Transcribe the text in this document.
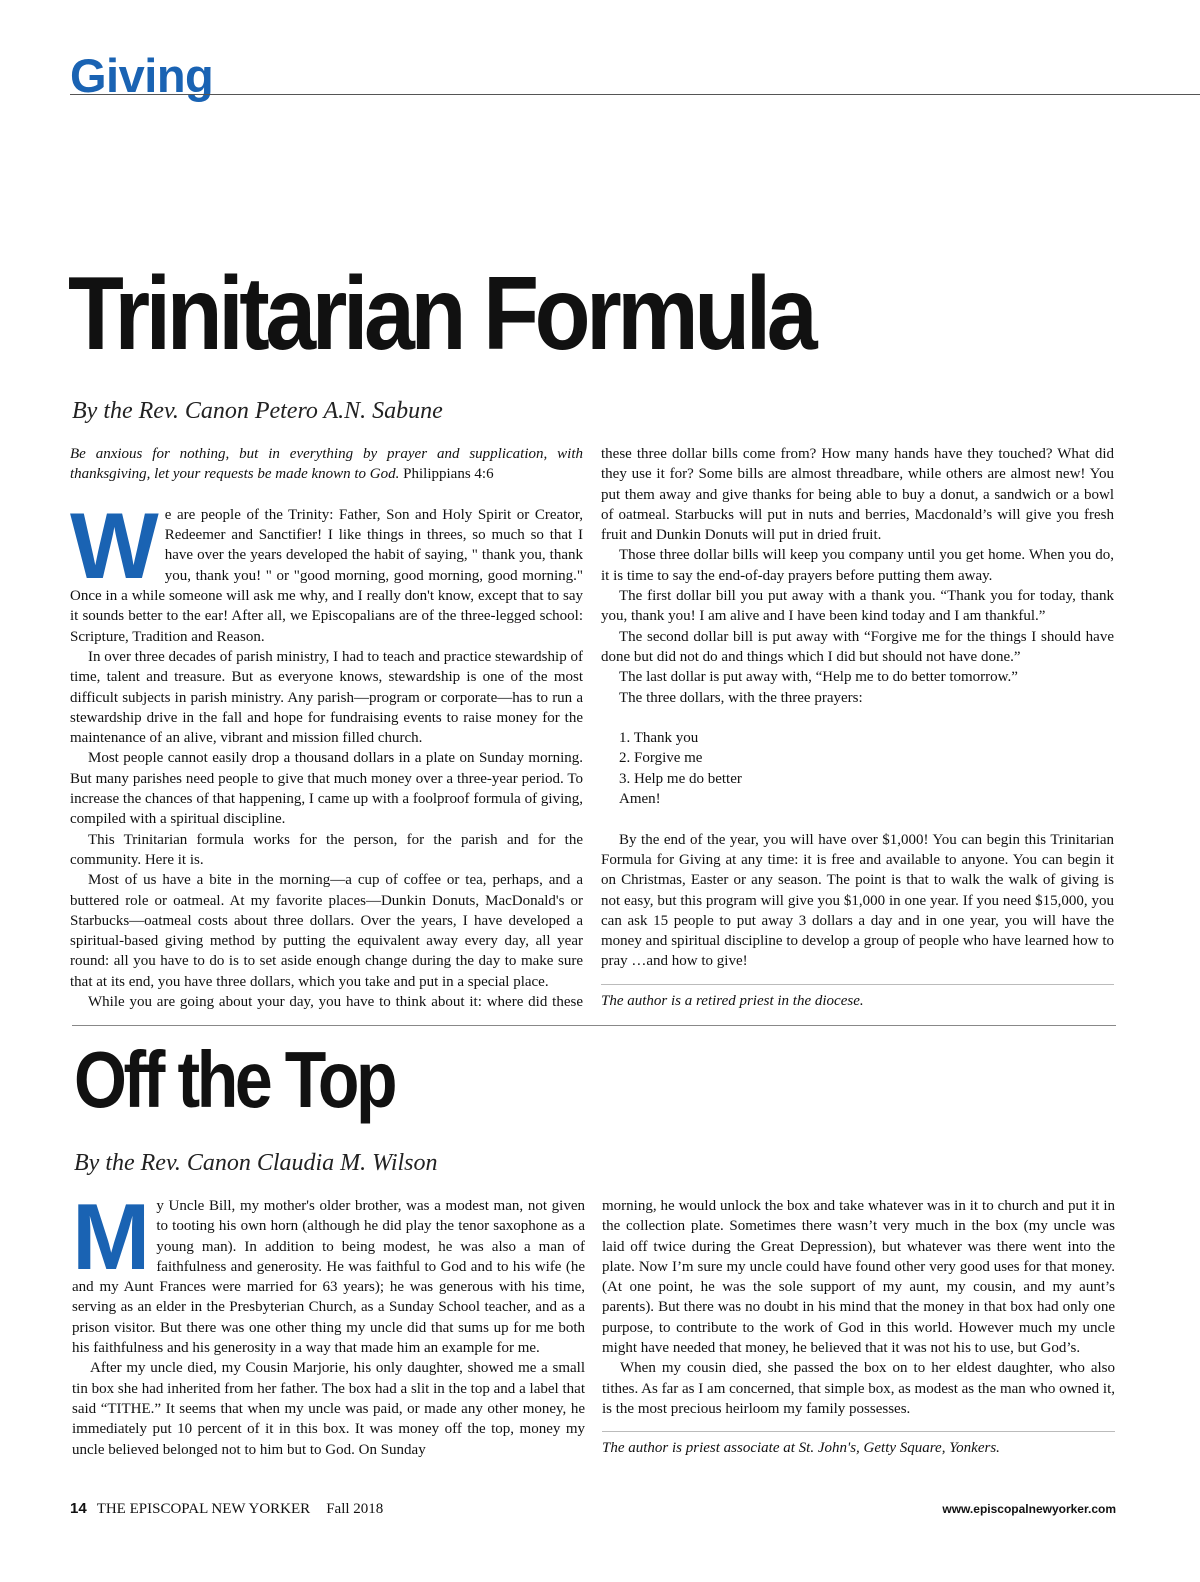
Giving
Trinitarian Formula
By the Rev. Canon Petero A.N. Sabune

Be anxious for nothing, but in everything by prayer and supplication, with thanksgiving, let your requests be made known to God. Philippians 4:6

We are people of the Trinity: Father, Son and Holy Spirit or Creator, Redeemer and Sanctifier! I like things in threes, so much so that I have over the years developed the habit of saying, " thank you, thank you, thank you! " or "good morning, good morning, good morning." Once in a while someone will ask me why, and I really don't know, except that to say it sounds better to the ear! After all, we Episcopalians are of the three-legged school: Scripture, Tradition and Reason.

In over three decades of parish ministry, I had to teach and practice stewardship of time, talent and treasure. But as everyone knows, stewardship is one of the most difficult subjects in parish ministry. Any parish—program or corporate—has to run a stewardship drive in the fall and hope for fundraising events to raise money for the maintenance of an alive, vibrant and mission filled church.

Most people cannot easily drop a thousand dollars in a plate on Sunday morning. But many parishes need people to give that much money over a three-year period. To increase the chances of that happening, I came up with a foolproof formula of giving, compiled with a spiritual discipline.

This Trinitarian formula works for the person, for the parish and for the community. Here it is.

Most of us have a bite in the morning—a cup of coffee or tea, perhaps, and a buttered role or oatmeal. At my favorite places—Dunkin Donuts, MacDonald's or Starbucks—oatmeal costs about three dollars. Over the years, I have developed a spiritual-based giving method by putting the equivalent away every day, all year round: all you have to do is to set aside enough change during the day to make sure that at its end, you have three dollars, which you take and put in a special place.

While you are going about your day, you have to think about it: where did these

these three dollar bills come from? How many hands have they touched? What did they use it for? Some bills are almost threadbare, while others are almost new! You put them away and give thanks for being able to buy a donut, a sandwich or a bowl of oatmeal. Starbucks will put in nuts and berries, Macdonald’s will give you fresh fruit and Dunkin Donuts will put in dried fruit.

Those three dollar bills will keep you company until you get home. When you do, it is time to say the end-of-day prayers before putting them away.

The first dollar bill you put away with a thank you. “Thank you for today, thank you, thank you! I am alive and I have been kind today and I am thankful.”

The second dollar bill is put away with “Forgive me for the things I should have done but did not do and things which I did but should not have done.”

The last dollar is put away with, “Help me to do better tomorrow.”

The three dollars, with the three prayers:

1. Thank you

2. Forgive me

3. Help me do better

Amen!

By the end of the year, you will have over $1,000! You can begin this Trinitarian Formula for Giving at any time: it is free and available to anyone. You can begin it on Christmas, Easter or any season. The point is that to walk the walk of giving is not easy, but this program will give you $1,000 in one year. If you need $15,000, you can ask 15 people to put away 3 dollars a day and in one year, you will have the money and spiritual discipline to develop a group of people who have learned how to pray …and how to give!

The author is a retired priest in the diocese.

Off the Top
By the Rev. Canon Claudia M. Wilson

My Uncle Bill, my mother's older brother, was a modest man, not given to tooting his own horn (although he did play the tenor saxophone as a young man). In addition to being modest, he was also a man of faithfulness and generosity. He was faithful to God and to his wife (he and my Aunt Frances were married for 63 years); he was generous with his time, serving as an elder in the Presbyterian Church, as a Sunday School teacher, and as a prison visitor. But there was one other thing my uncle did that sums up for me both his faithfulness and his generosity in a way that made him an example for me.

After my uncle died, my Cousin Marjorie, his only daughter, showed me a small tin box she had inherited from her father. The box had a slit in the top and a label that said “TITHE.” It seems that when my uncle was paid, or made any other money, he immediately put 10 percent of it in this box. It was money off the top, money my uncle believed belonged not to him but to God. On Sunday

morning, he would unlock the box and take whatever was in it to church and put it in the collection plate. Sometimes there wasn’t very much in the box (my uncle was laid off twice during the Great Depression), but whatever was there went into the plate. Now I’m sure my uncle could have found other very good uses for that money. (At one point, he was the sole support of my aunt, my cousin, and my aunt’s parents). But there was no doubt in his mind that the money in that box had only one purpose, to contribute to the work of God in this world. However much my uncle might have needed that money, he believed that it was not his to use, but God’s.

When my cousin died, she passed the box on to her eldest daughter, who also tithes. As far as I am concerned, that simple box, as modest as the man who owned it, is the most precious heirloom my family possesses.

The author is priest associate at St. John's, Getty Square, Yonkers.

14 THE EPISCOPAL NEW YORKER Fall 2018	www.episcopalnewyorker.com
